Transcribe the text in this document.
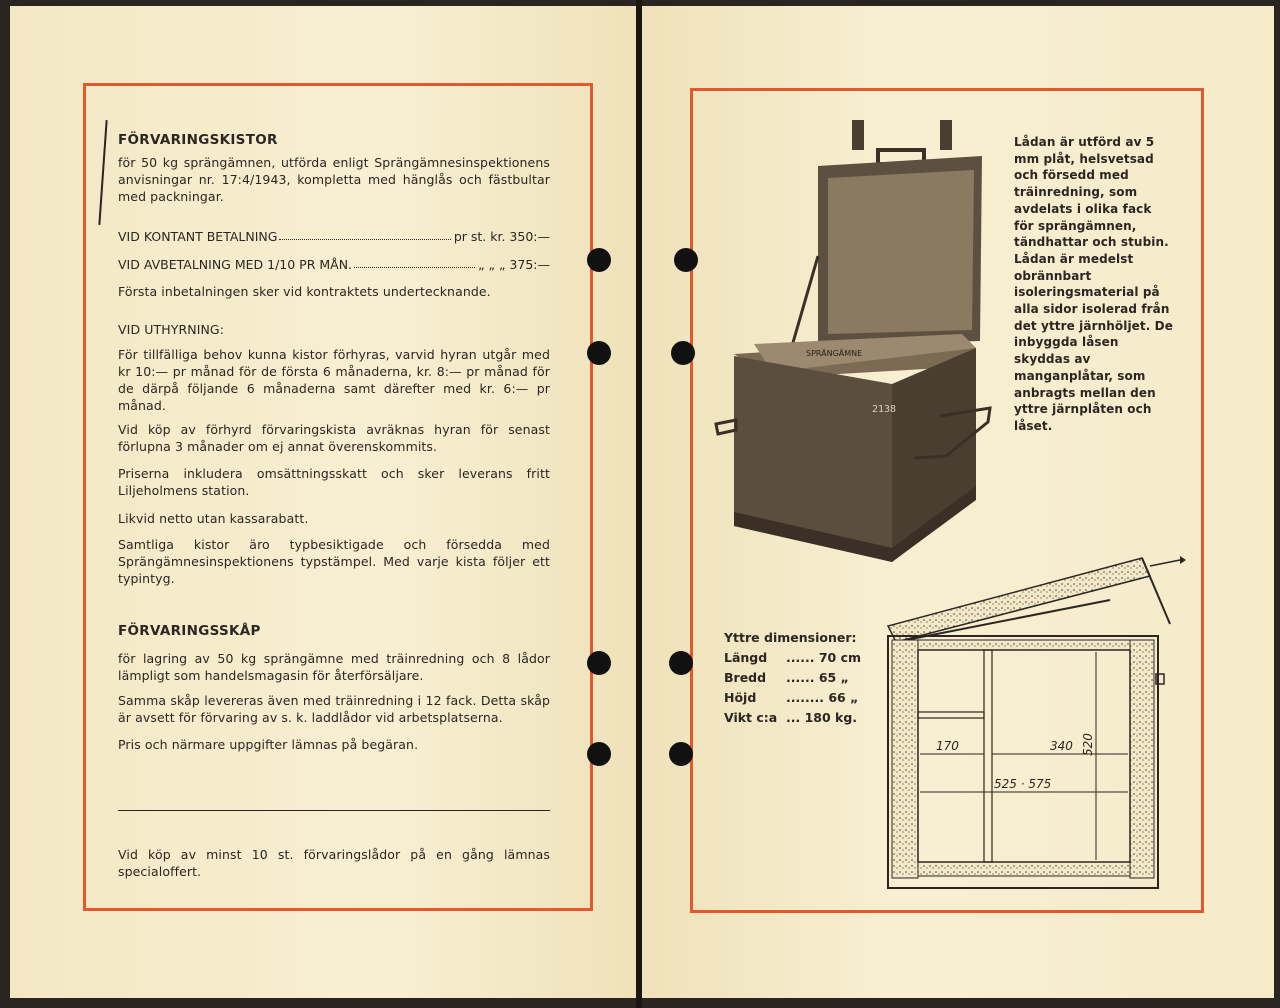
FÖRVARINGSKISTOR
för 50 kg sprängämnen, utförda enligt Sprängämnesinspektionens anvisningar nr. 17:4/1943, kompletta med hänglås och fästbultar med packningar.
VID KONTANT BETALNING	pr st. kr. 350:—
VID AVBETALNING MED 1/10 PR MÅN.	„ „ „ 375:—
Första inbetalningen sker vid kontraktets undertecknande.
VID UTHYRNING:
För tillfälliga behov kunna kistor förhyras, varvid hyran utgår med kr 10:— pr månad för de första 6 månaderna, kr. 8:— pr månad för de därpå följande 6 månaderna samt därefter med kr. 6:— pr månad.
Vid köp av förhyrd förvaringskista avräknas hyran för senast förlupna 3 månader om ej annat överenskommits.
Priserna inkludera omsättningsskatt och sker leverans fritt Liljeholmens station.
Likvid netto utan kassarabatt.
Samtliga kistor äro typbesiktigade och försedda med Sprängämnesinspektionens typstämpel. Med varje kista följer ett typintyg.
FÖRVARINGSSKÅP
för lagring av 50 kg sprängämne med träinredning och 8 lådor lämpligt som handelsmagasin för återförsäljare.
Samma skåp levereras även med träinredning i 12 fack. Detta skåp är avsett för förvaring av s. k. laddlådor vid arbetsplatserna.
Pris och närmare uppgifter lämnas på begäran.
Vid köp av minst 10 st. förvaringslådor på en gång lämnas specialoffert.
SPRÄNGÄMNE
2138
Lådan är utförd av 5 mm plåt, helsvetsad och försedd med träinredning, som avdelats i olika fack för sprängämnen, tändhattar och stubin. Lådan är medelst obrännbart isoleringsmaterial på alla sidor isolerad från det yttre järnhöljet. De inbyggda låsen skyddas av manganplåtar, som anbragts mellan den yttre järnplåten och låset.
Yttre dimensioner:
Längd	...... 70 cm
Bredd	...... 65 „
Höjd	........ 66 „
Vikt c:a ... 180 kg.
170	340
525 · 575
520
